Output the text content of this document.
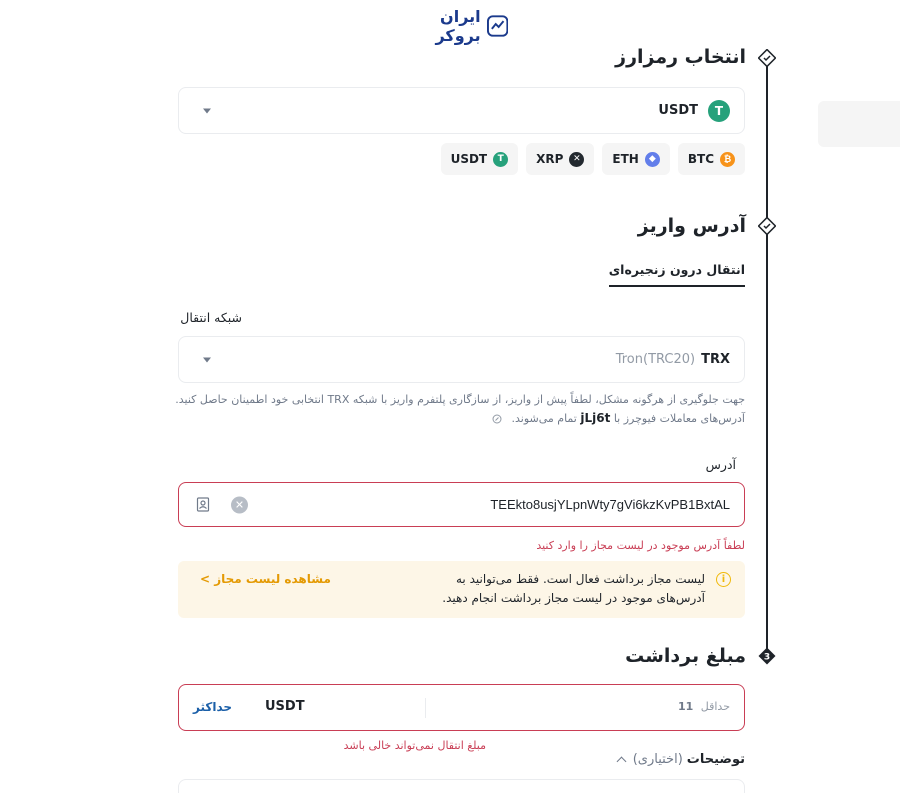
ایران بروکر
3
انتخاب رمزارز
T
USDT
₿
BTC
◆
ETH
✕
XRP
T
USDT
آدرس واریز
انتقال درون زنجیره‌ای
شبکه انتقال
Tron(TRC20) TRX
جهت جلوگیری از هرگونه مشکل، لطفاً پیش از واریز، از سازگاری پلتفرم واریز با شبکه TRX انتخابی خود اطمینان حاصل کنید.
آدرس‌های معاملات فیوچرز با jLj6t تمام می‌شوند.
آدرس
TEEkto8usjYLpnWty7gVi6kzKvPB1BxtAL
✕
لطفاً آدرس موجود در لیست مجاز را وارد کنید
i
لیست مجاز برداشت فعال است. فقط می‌توانید به آدرس‌های موجود در لیست مجاز برداشت انجام دهید.
مشاهده لیست مجاز >
مبلغ برداشت
حداقل 11
USDT
حداکثر
مبلغ انتقال نمی‌تواند خالی باشد
توضیحات
(اختیاری)
